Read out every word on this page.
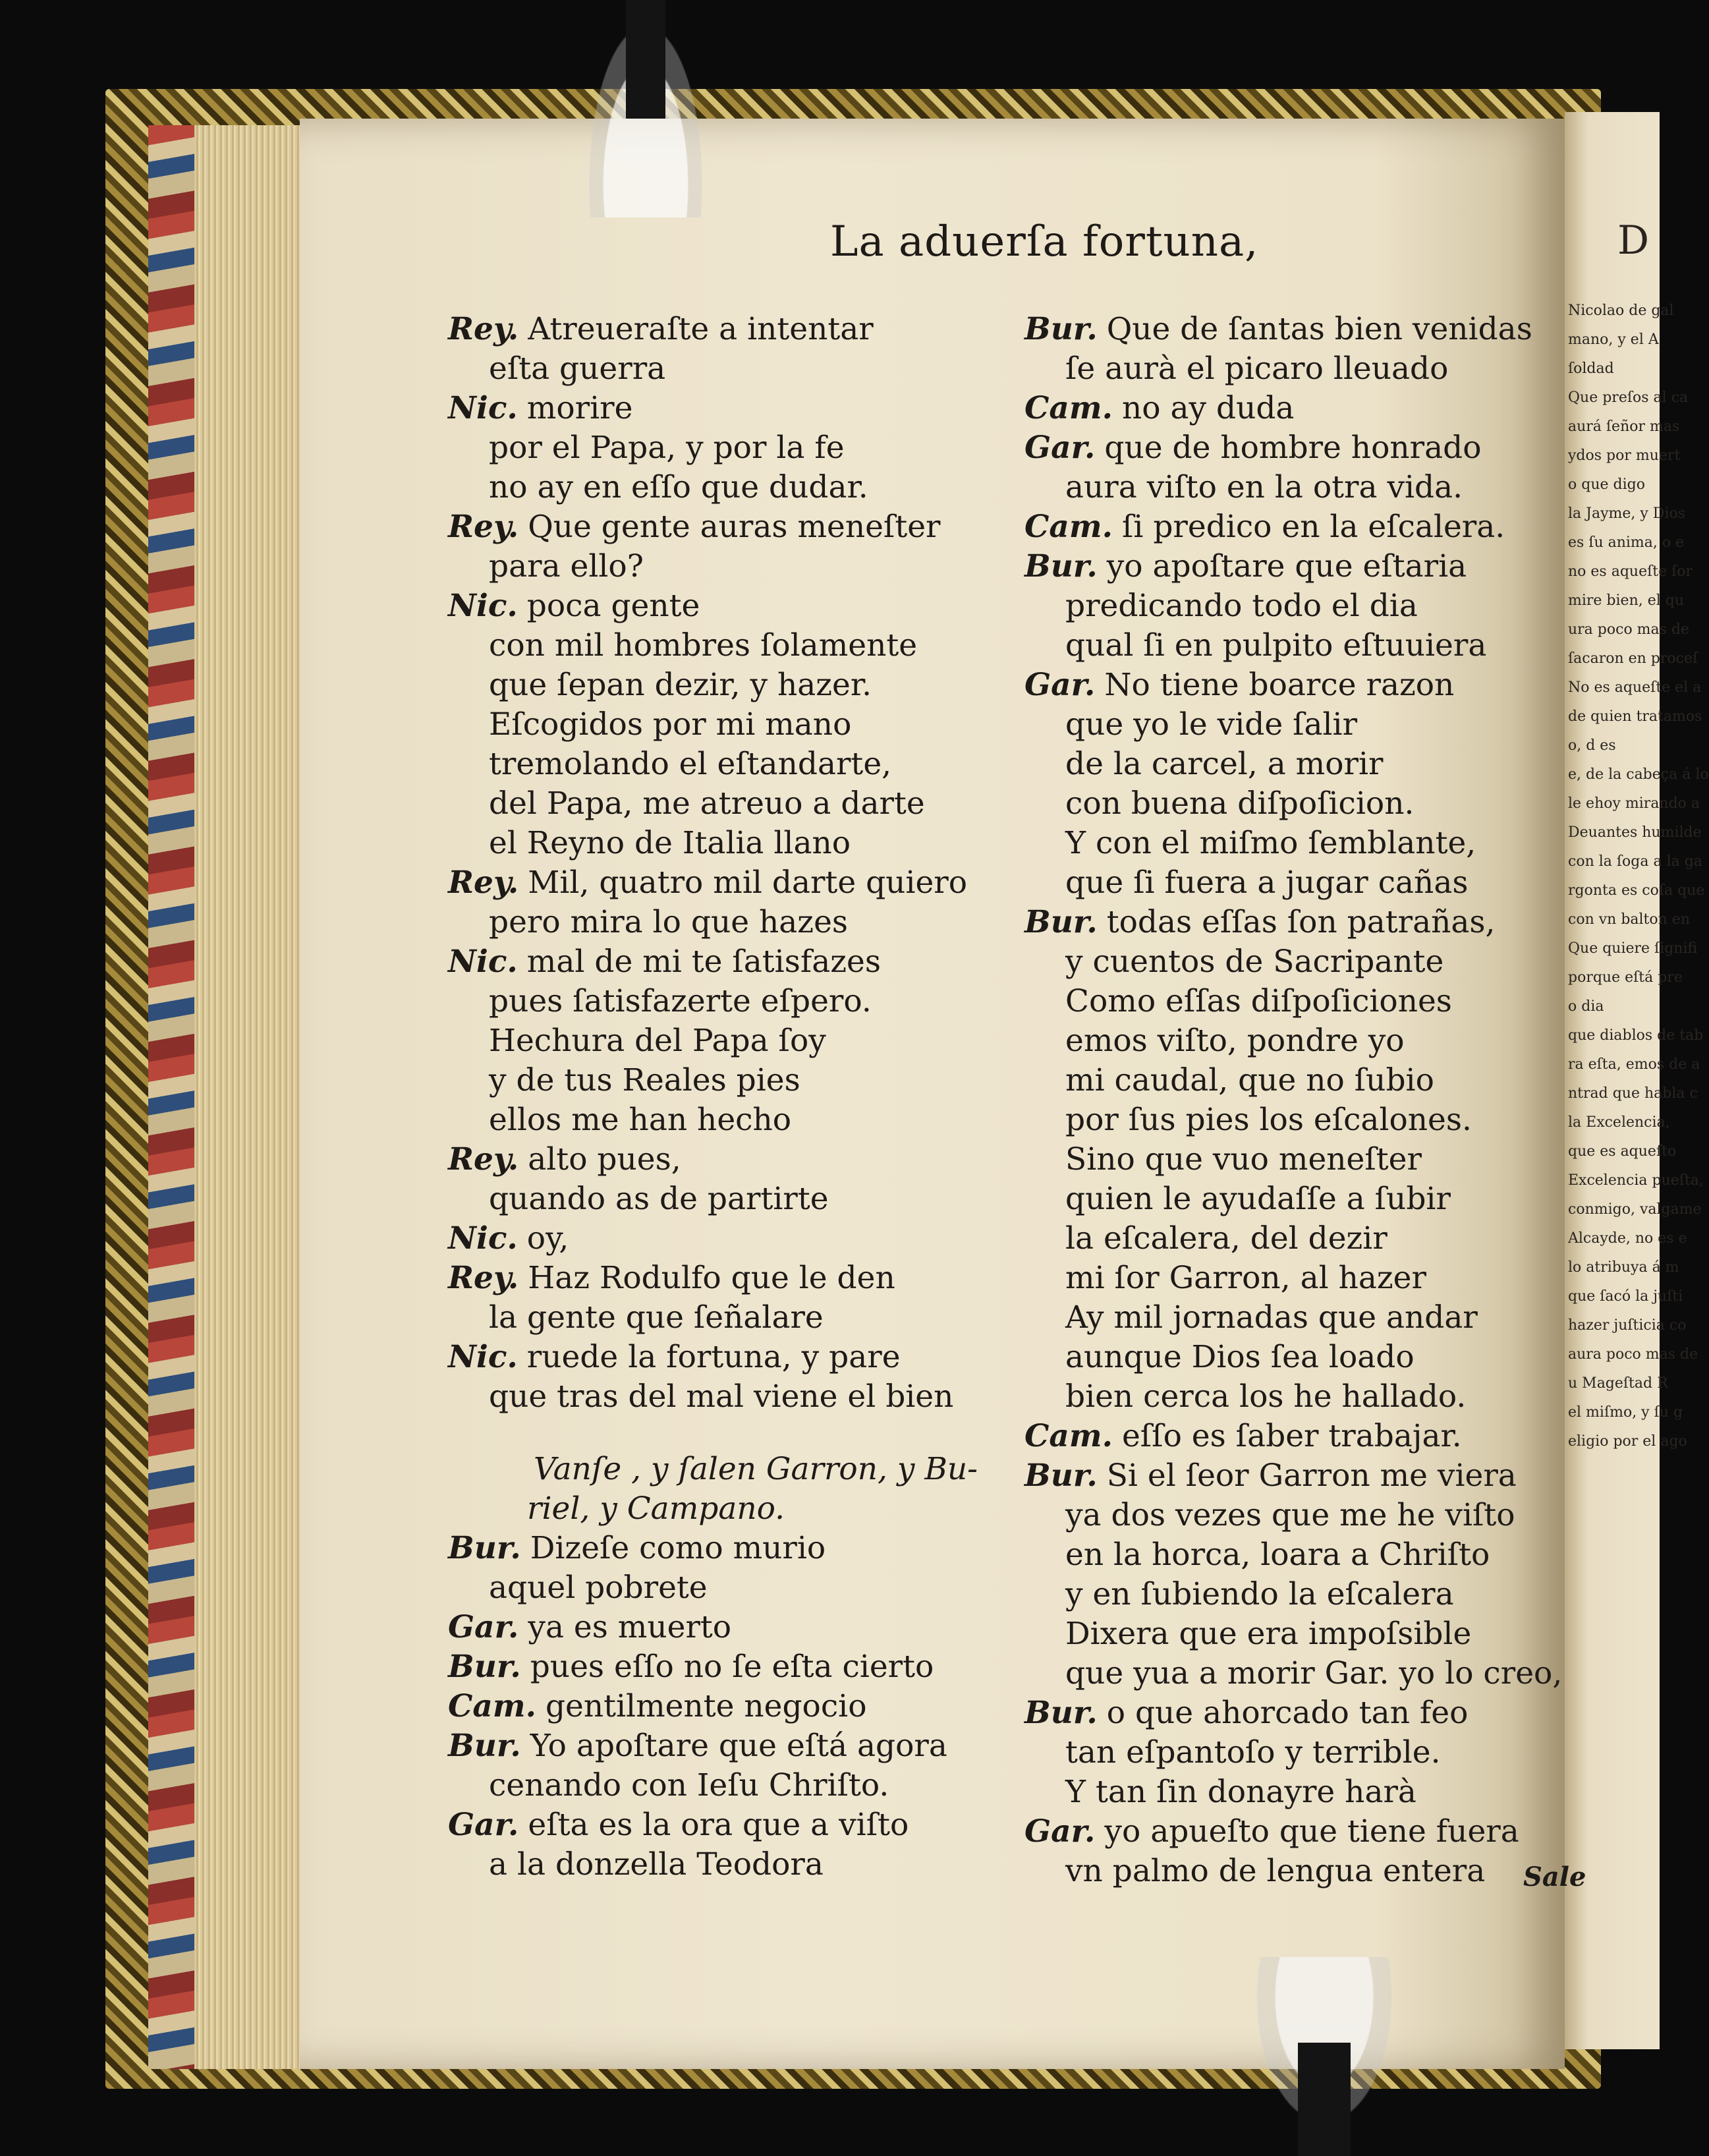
D
Nicolao de gal
mano, y el A
ſoldad
Que preſos al ca
aurá ſeñor mas
ydos por muert
o que digo
la Jayme, y Dios
es ſu anima, o e
no es aqueſte ſor
mire bien, el qu
ura poco mas de
ſacaron en proceſ
No es aqueſte el a
de quien tratamos
o, d es
e, de la cabeça á lo
le ehoy mirando a
Deuantes humilde
con la ſoga a la ga
rgonta es coſa que
con vn balton en
Que quiere ſignifi
porque eſtá pre
o dia
que diablos de tab
ra eſta, emos de a
ntrad que habla c
la Excelencia,
que es aqueſto
Excelencia pueſta,
conmigo, valgame
Alcayde, no es e
lo atribuya á m
que ſacó la juſti
hazer juſticia co
aura poco mas de
u Mageſtad R
el miſmo, y ſu g
eligio por el ago
La aduerſa fortuna,
Rey. Atreueraſte a intentar
eſta guerra
Nic. morire
por el Papa, y por la fe
no ay en eſſo que dudar.
Rey. Que gente auras meneſter
para ello?
Nic. poca gente
con mil hombres ſolamente
que ſepan dezir, y hazer.
Eſcogidos por mi mano
tremolando el eſtandarte,
del Papa, me atreuo a darte
el Reyno de Italia llano
Rey. Mil, quatro mil darte quiero
pero mira lo que hazes
Nic. mal de mi te ſatisfazes
pues ſatisfazerte eſpero.
Hechura del Papa ſoy
y de tus Reales pies
ellos me han hecho
Rey. alto pues,
quando as de partirte
Nic. oy,
Rey. Haz Rodulfo que le den
la gente que ſeñalare
Nic. ruede la fortuna, y pare
que tras del mal viene el bien
Vanſe , y ſalen Garron, y Bu-
riel, y Campano.
Bur. Dizeſe como murio
aquel pobrete
Gar. ya es muerto
Bur. pues eſſo no ſe eſta cierto
Cam. gentilmente negocio
Bur. Yo apoſtare que eſtá agora
cenando con Ieſu Chriſto.
Gar. eſta es la ora que a viſto
a la donzella Teodora
Bur. Que de ſantas bien venidas
ſe aurà el picaro lleuado
Cam. no ay duda
Gar. que de hombre honrado
aura viſto en la otra vida.
Cam. ſi predico en la eſcalera.
Bur. yo apoſtare que eſtaria
predicando todo el dia
qual ſi en pulpito eſtuuiera
Gar. No tiene boarce razon
que yo le vide ſalir
de la carcel, a morir
con buena diſpoſicion.
Y con el miſmo ſemblante,
que ſi fuera a jugar cañas
Bur. todas eſſas ſon patrañas,
y cuentos de Sacripante
Como eſſas diſpoſiciones
emos viſto, pondre yo
mi caudal, que no ſubio
por ſus pies los eſcalones.
Sino que vuo meneſter
quien le ayudaſſe a ſubir
la eſcalera, del dezir
mi ſor Garron, al hazer
Ay mil jornadas que andar
aunque Dios ſea loado
bien cerca los he hallado.
Cam. eſſo es ſaber trabajar.
Bur. Si el ſeor Garron me viera
ya dos vezes que me he viſto
en la horca, loara a Chriſto
y en ſubiendo la eſcalera
Dixera que era impoſsible
que yua a morir Gar. yo lo creo,
Bur. o que ahorcado tan feo
tan eſpantoſo y terrible.
Y tan ſin donayre harà
Gar. yo apueſto que tiene fuera
vn palmo de lengua entera	Sale
